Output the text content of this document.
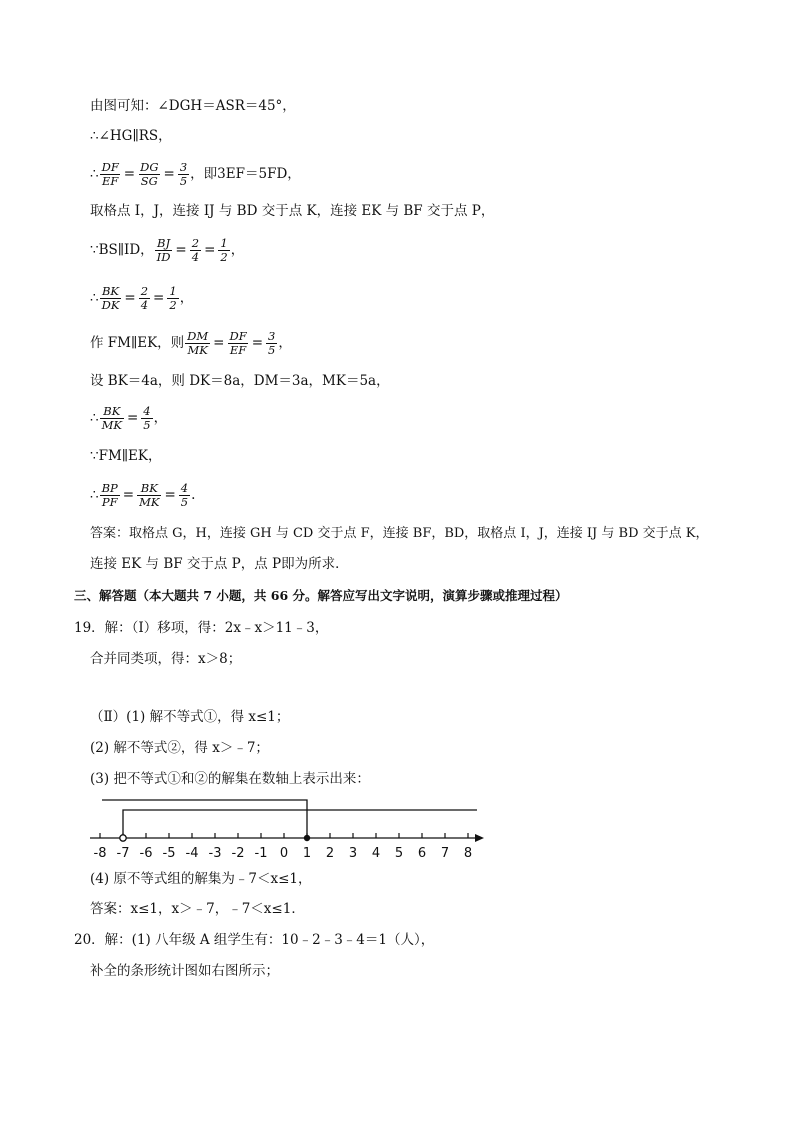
由图可知：∠DGH＝ASR＝45°，
∴∠HG∥RS，
∴ $\frac{DF}{EF} = \frac{DG}{SG} = \frac{3}{5}$ ，即3EF＝5FD，
取格点 I，J，连接 IJ 与 BD 交于点 K，连接 EK 与 BF 交于点 P，
∵BS∥ID， $\frac{BJ}{ID} = \frac{2}{4} = \frac{1}{2}$ ，
∴ $\frac{BK}{DK} = \frac{2}{4} = \frac{1}{2}$ ，
作 FM∥EK，则 $\frac{DM}{MK} = \frac{DF}{EF} = \frac{3}{5}$ ，
设 BK＝4a，则 DK＝8a，DM＝3a，MK＝5a，
∴ $\frac{BK}{MK} = \frac{4}{5}$ ，
∵FM∥EK，
∴ $\frac{BP}{PF} = \frac{BK}{MK} = \frac{4}{5}$ .
答案：取格点 G，H，连接 GH 与 CD 交于点 F，连接 BF，BD，取格点 I，J，连接 IJ 与 BD 交于点 K，
连接 EK 与 BF 交于点 P，点 P即为所求．
三、解答题（本大题共 7 小题，共 66 分。解答应写出文字说明，演算步骤或推理过程）
19．解：（Ⅰ）移项，得：2x﹣x＞11﹣3，
合并同类项，得：x＞8；
（Ⅱ）(1) 解不等式①，得 x≤1；
(2) 解不等式②，得 x＞﹣7；
(3) 把不等式①和②的解集在数轴上表示出来：
-8 -7 -6 -5 -4 -3 -2 -1 0 1 2 3 4 5 6 7 8
(4) 原不等式组的解集为﹣7＜x≤1，
答案：x≤1，x＞﹣7，﹣7＜x≤1．
20．解：(1) 八年级 A 组学生有：10﹣2﹣3﹣4＝1（人），
补全的条形统计图如右图所示；
